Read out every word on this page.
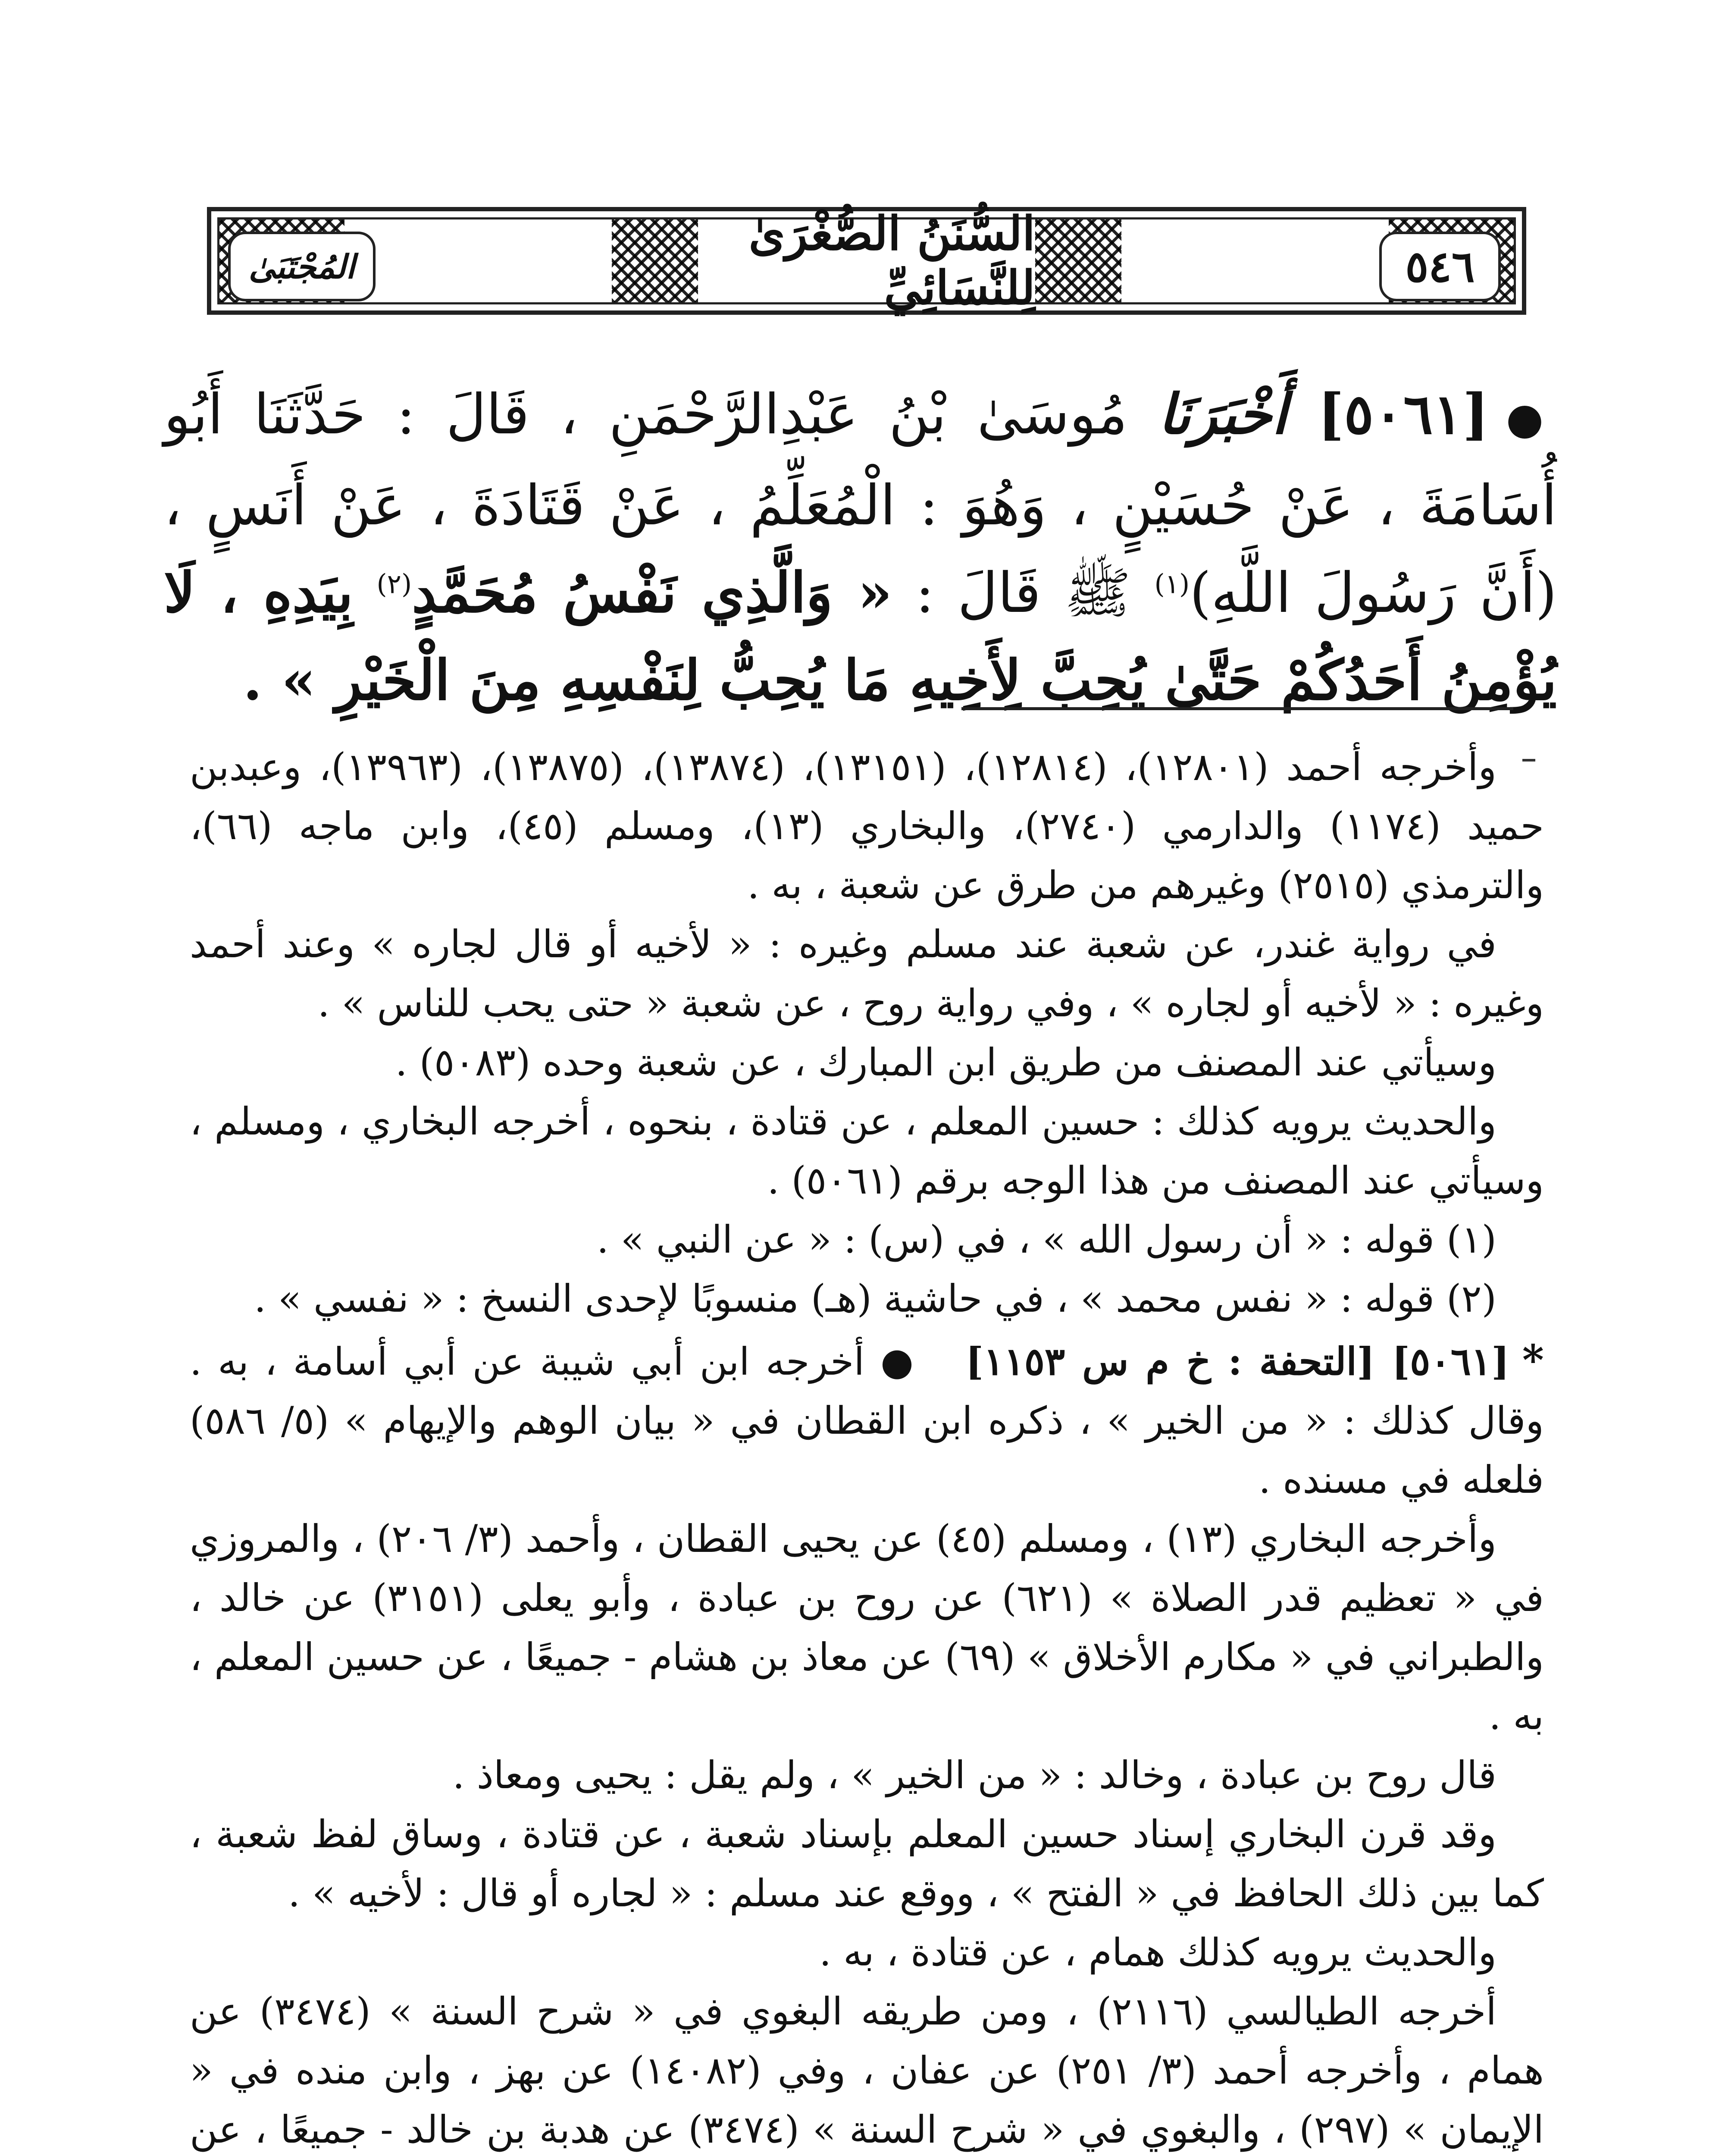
٥٤٦
المُجْتَبَىٰ
السُّنَنُ الصُّغْرَىٰ لِلنَّسَائِيِّ
●[٥٠٦١] أَخْبَرَنَا مُوسَىٰ بْنُ عَبْدِالرَّحْمَنِ ، قَالَ : حَدَّثَنَا أَبُو أُسَامَةَ ، عَنْ حُسَيْنٍ ، وَهُوَ : الْمُعَلِّمُ ، عَنْ قَتَادَةَ ، عَنْ أَنَسٍ ، (أَنَّ رَسُولَ اللَّهِ)$^{(١)}$ ﷺ قَالَ : « وَالَّذِي نَفْسُ مُحَمَّدٍ$^{(٢)}$ بِيَدِهِ ، لَا يُؤْمِنُ أَحَدُكُمْ حَتَّىٰ يُحِبَّ لِأَخِيهِ مَا يُحِبُّ لِنَفْسِهِ مِنَ الْخَيْرِ » .

وأخرجه أحمد (١٢٨٠١)، (١٢٨١٤)، (١٣١٥١)، (١٣٨٧٤)، (١٣٨٧٥)، (١٣٩٦٣)، وعبدبن حميد (١١٧٤) والدارمي (٢٧٤٠)، والبخاري (١٣)، ومسلم (٤٥)، وابن ماجه (٦٦)، والترمذي (٢٥١٥) وغيرهم من طرق عن شعبة ، به .

في رواية غندر، عن شعبة عند مسلم وغيره : « لأخيه أو قال لجاره » وعند أحمد وغيره : « لأخيه أو لجاره » ، وفي رواية روح ، عن شعبة « حتى يحب للناس » .

وسيأتي عند المصنف من طريق ابن المبارك ، عن شعبة وحده (٥٠٨٣) .

والحديث يرويه كذلك : حسين المعلم ، عن قتادة ، بنحوه ، أخرجه البخاري ، ومسلم ، وسيأتي عند المصنف من هذا الوجه برقم (٥٠٦١) .

(١) قوله : « أن رسول الله » ، في (س) : « عن النبي » .

(٢) قوله : « نفس محمد » ، في حاشية (هـ) منسوبًا لإحدى النسخ : « نفسي » .

*[٥٠٦١] [التحفة : خ م س ١١٥٣]   ● أخرجه ابن أبي شيبة عن أبي أسامة ، به . وقال كذلك : « من الخير » ، ذكره ابن القطان في « بيان الوهم والإيهام » (٥/ ٥٨٦) فلعله في مسنده .

وأخرجه البخاري (١٣) ، ومسلم (٤٥) عن يحيى القطان ، وأحمد (٣/ ٢٠٦) ، والمروزي في « تعظيم قدر الصلاة » (٦٢١) عن روح بن عبادة ، وأبو يعلى (٣١٥١) عن خالد ، والطبراني في « مكارم الأخلاق » (٦٩) عن معاذ بن هشام - جميعًا ، عن حسين المعلم ، به .

قال روح بن عبادة ، وخالد : « من الخير » ، ولم يقل : يحيى ومعاذ .

وقد قرن البخاري إسناد حسين المعلم بإسناد شعبة ، عن قتادة ، وساق لفظ شعبة ، كما بين ذلك الحافظ في « الفتح » ، ووقع عند مسلم : « لجاره أو قال : لأخيه » .

والحديث يرويه كذلك همام ، عن قتادة ، به .

أخرجه الطيالسي (٢١١٦) ، ومن طريقه البغوي في « شرح السنة » (٣٤٧٤) عن همام ، وأخرجه أحمد (٣/ ٢٥١) عن عفان ، وفي (١٤٠٨٢) عن بهز ، وابن منده في « الإيمان » (٢٩٧) ، والبغوي في « شرح السنة » (٣٤٧٤) عن هدبة بن خالد - جميعًا ، عن
